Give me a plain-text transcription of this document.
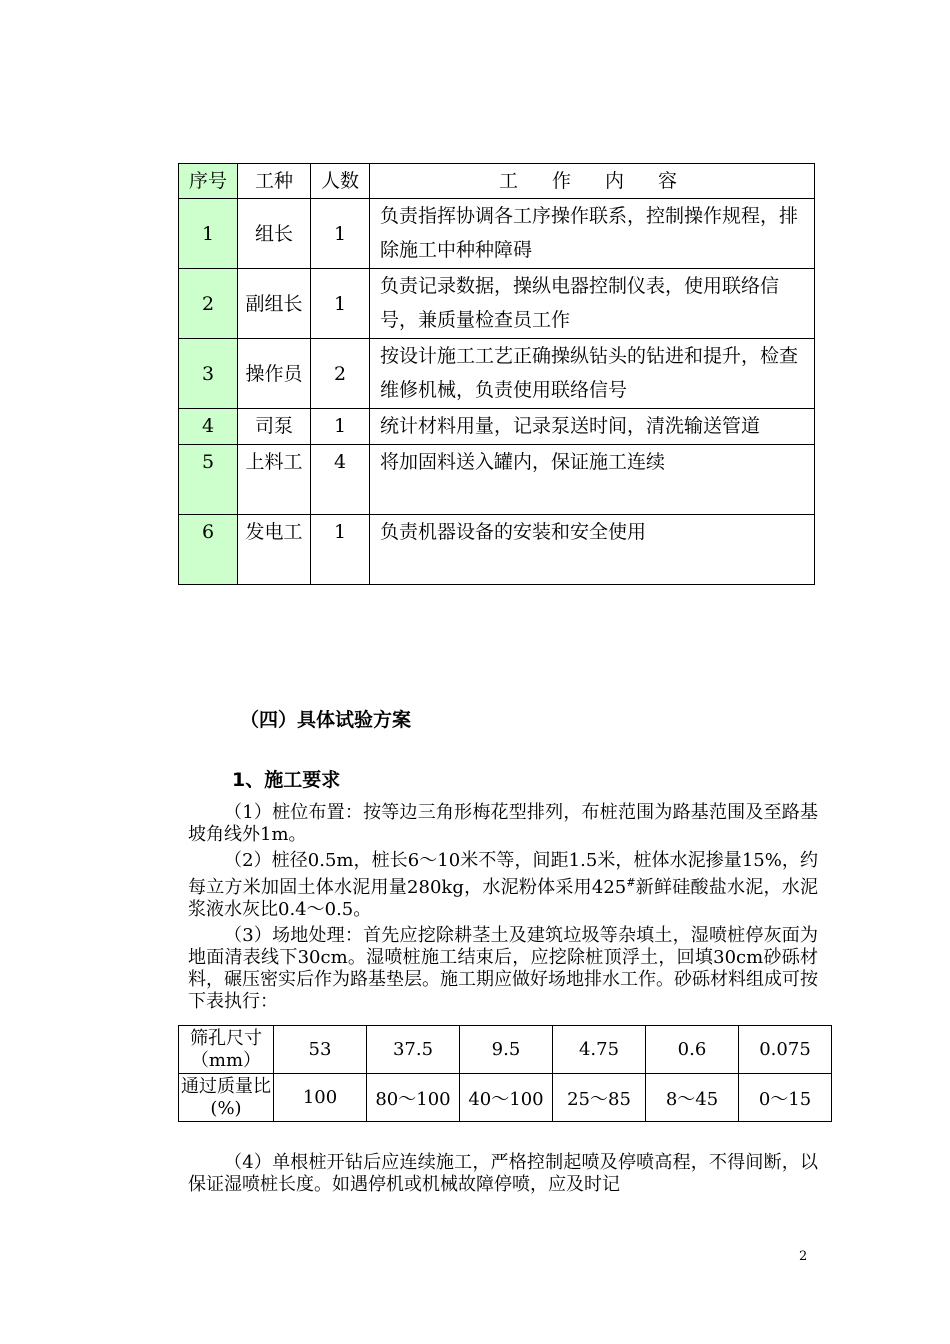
序号	工种	人数	工 作 内 容
1	组长	1	负责指挥协调各工序操作联系，控制操作规程，排除施工中种种障碍
2	副组长	1	负责记录数据，操纵电器控制仪表，使用联络信号，兼质量检查员工作
3	操作员	2	按设计施工工艺正确操纵钻头的钻进和提升，检查维修机械，负责使用联络信号
4	司泵	1	统计材料用量，记录泵送时间，清洗输送管道
5	上料工	4	将加固料送入罐内，保证施工连续
6	发电工	1	负责机器设备的安装和安全使用
（四）具体试验方案
1、施工要求
（1）桩位布置：按等边三角形梅花型排列，布桩范围为路基范围及至路基坡角线外1m。
（2）桩径0.5m，桩长6～10米不等，间距1.5米，桩体水泥掺量15%，约每立方米加固土体水泥用量280kg，水泥粉体采用425#新鲜硅酸盐水泥，水泥浆液水灰比0.4～0.5。
（3）场地处理：首先应挖除耕茎土及建筑垃圾等杂填土，湿喷桩停灰面为地面清表线下30cm。湿喷桩施工结束后，应挖除桩顶浮土，回填30cm砂砾材料，碾压密实后作为路基垫层。施工期应做好场地排水工作。砂砾材料组成可按下表执行：
筛孔尺寸（mm）	53	37.5	9.5	4.75	0.6	0.075
通过质量比(%)	100	80～100	40～100	25～85	8～45	0～15
（4）单根桩开钻后应连续施工，严格控制起喷及停喷高程，不得间断，以保证湿喷桩长度。如遇停机或机械故障停喷，应及时记
2
